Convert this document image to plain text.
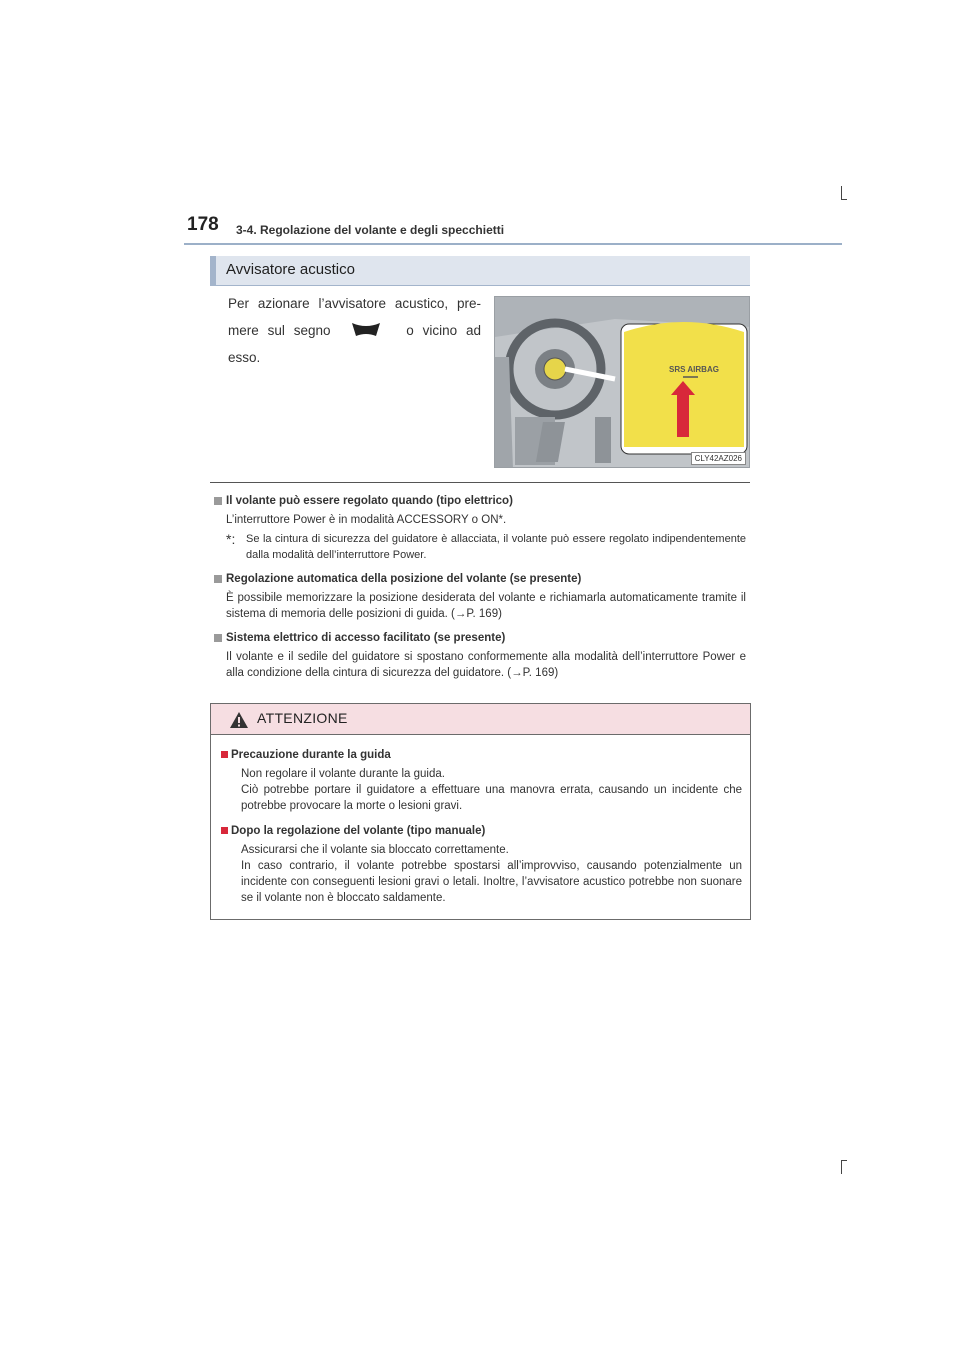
178 3-4. Regolazione del volante e degli specchietti
Avvisatore acustico
Per azionare l’avvisatore acustico, pre- mere sul segno	o vicino ad esso.
SRS AIRBAG
CLY42AZ026
Il volante può essere regolato quando (tipo elettrico)
L’interruttore Power è in modalità ACCESSORY o ON*.
*: Se la cintura di sicurezza del guidatore è allacciata, il volante può essere regolato indipendentemente dalla modalità dell’interruttore Power.
Regolazione automatica della posizione del volante (se presente)
È possibile memorizzare la posizione desiderata del volante e richiamarla automaticamente tramite il sistema di memoria delle posizioni di guida. (→P. 169)
Sistema elettrico di accesso facilitato (se presente)
Il volante e il sedile del guidatore si spostano conformemente alla modalità dell’interruttore Power e alla condizione della cintura di sicurezza del guidatore. (→P. 169)
ATTENZIONE
Precauzione durante la guida
Non regolare il volante durante la guida.
Ciò potrebbe portare il guidatore a effettuare una manovra errata, causando un incidente che potrebbe provocare la morte o lesioni gravi.
Dopo la regolazione del volante (tipo manuale)
Assicurarsi che il volante sia bloccato correttamente.
In caso contrario, il volante potrebbe spostarsi all’improvviso, causando potenzialmente un incidente con conseguenti lesioni gravi o letali. Inoltre, l’avvisatore acustico potrebbe non suonare se il volante non è bloccato saldamente.
